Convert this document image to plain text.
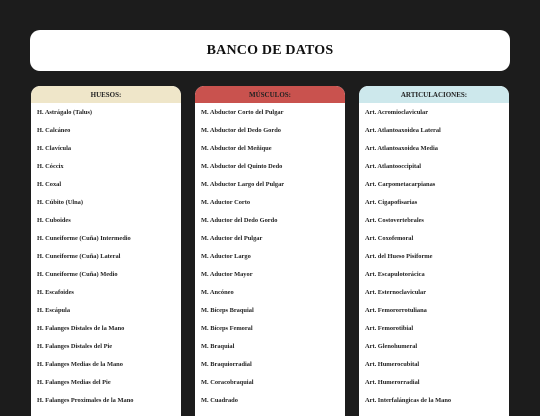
BANCO DE DATOS
HUESOS:
H. Astrágalo (Talus)
H. Calcáneo
H. Clavícula
H. Cóccix
H. Coxal
H. Cúbito (Ulna)
H. Cuboides
H. Cuneiforme (Cuña) Intermedio
H. Cuneiforme (Cuña) Lateral
H. Cuneiforme (Cuña) Medio
H. Escafoides
H. Escápula
H. Falanges Distales de la Mano
H. Falanges Distales del Pie
H. Falanges Medias de la Mano
H. Falanges Medias del Pie
H. Falanges Proximales de la Mano
MÚSCULOS:
M. Abductor Corto del Pulgar
M. Abductor del Dedo Gordo
M. Abductor del Meñique
M. Abductor del Quinto Dedo
M. Abductor Largo del Pulgar
M. Aductor Corto
M. Aductor del Dedo Gordo
M. Aductor del Pulgar
M. Aductor Largo
M. Aductor Mayor
M. Ancóneo
M. Bíceps Braquial
M. Bíceps Femoral
M. Braquial
M. Braquiorradial
M. Coracobraquial
M. Cuadrado
ARTICULACIONES:
Art. Acromioclavicular
Art. Atlantoaxoidea Lateral
Art. Atlantoaxoidea Media
Art. Atlantooccipital
Art. Carpometacarpianas
Art. Cigapofisarias
Art. Costovertebrales
Art. Coxofemoral
Art. del Hueso Pisiforme
Art. Escapulotorácica
Art. Esternoclavicular
Art. Femororrotuliana
Art. Femorotibial
Art. Glenohumeral
Art. Humerocubital
Art. Humerorradial
Art. Interfalángicas de la Mano
